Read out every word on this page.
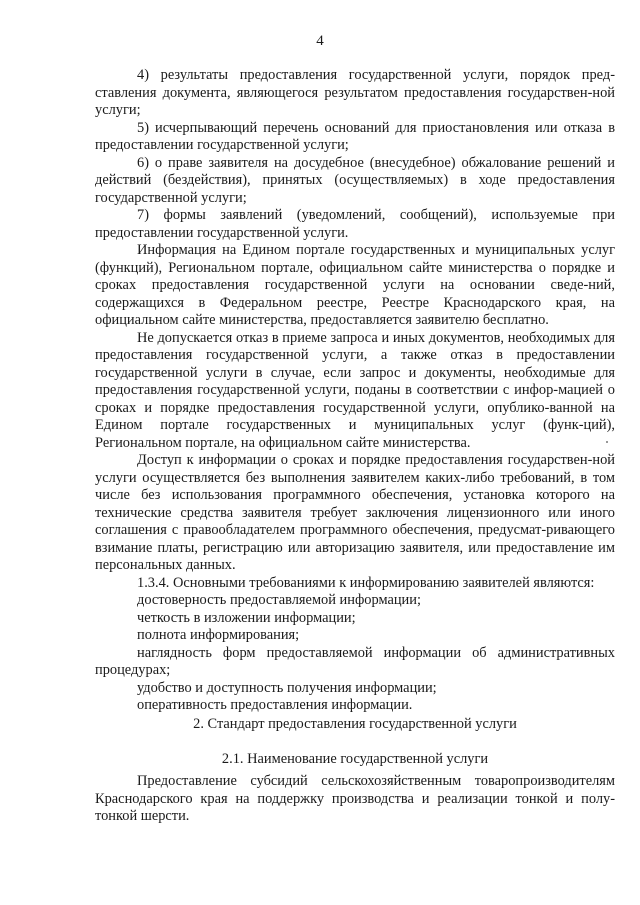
4

4) результаты предоставления государственной услуги, порядок пред-ставления документа, являющегося результатом предоставления государствен-ной услуги;

5) исчерпывающий перечень оснований для приостановления или отказа в предоставлении государственной услуги;

6) о праве заявителя на досудебное (внесудебное) обжалование решений и действий (бездействия), принятых (осуществляемых) в ходе предоставления государственной услуги;

7) формы заявлений (уведомлений, сообщений), используемые при предоставлении государственной услуги.

Информация на Едином портале государственных и муниципальных услуг (функций), Региональном портале, официальном сайте министерства о порядке и сроках предоставления государственной услуги на основании сведе-ний, содержащихся в Федеральном реестре, Реестре Краснодарского края, на официальном сайте министерства, предоставляется заявителю бесплатно.

Не допускается отказ в приеме запроса и иных документов, необходимых для предоставления государственной услуги, а также отказ в предоставлении государственной услуги в случае, если запрос и документы, необходимые для предоставления государственной услуги, поданы в соответствии с инфор-мацией о сроках и порядке предоставления государственной услуги, опублико-ванной на Едином портале государственных и муниципальных услуг (функ-ций), Региональном портале, на официальном сайте министерства.

Доступ к информации о сроках и порядке предоставления государствен-ной услуги осуществляется без выполнения заявителем каких-либо требований, в том числе без использования программного обеспечения, установка которого на технические средства заявителя требует заключения лицензионного или иного соглашения с правообладателем программного обеспечения, предусмат-ривающего взимание платы, регистрацию или авторизацию заявителя, или предоставление им персональных данных.

1.3.4. Основными требованиями к информированию заявителей являются:

достоверность предоставляемой информации;

четкость в изложении информации;

полнота информирования;

наглядность форм предоставляемой информации об административных процедурах;

удобство и доступность получения информации;

оперативность предоставления информации.

2. Стандарт предоставления государственной услуги
2.1. Наименование государственной услуги
Предоставление субсидий сельскохозяйственным товаропроизводителям Краснодарского края на поддержку производства и реализации тонкой и полу-тонкой шерсти.
